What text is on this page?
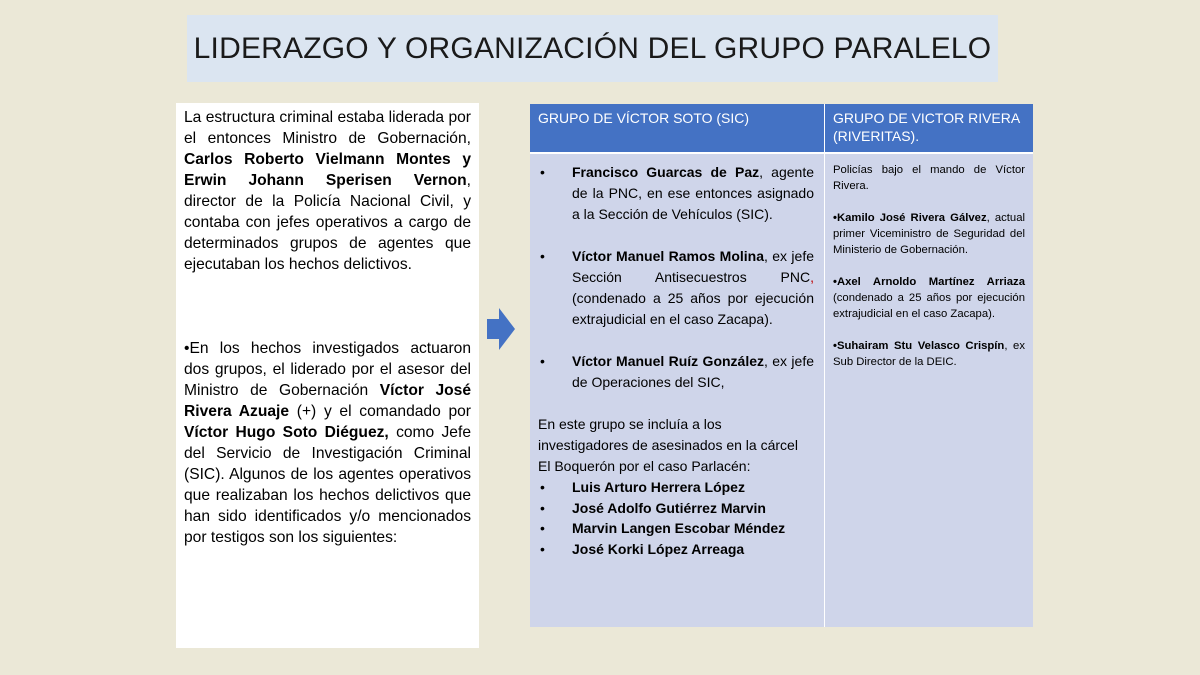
LIDERAZGO Y ORGANIZACIÓN DEL GRUPO PARALELO

La estructura criminal estaba liderada por el entonces Ministro de Gobernación, Carlos Roberto Vielmann Montes y Erwin Johann Sperisen Vernon, director de la Policía Nacional Civil, y contaba con jefes operativos a cargo de determinados grupos de agentes que ejecutaban los hechos delictivos.

•En los hechos investigados actuaron dos grupos, el liderado por el asesor del Ministro de Gobernación Víctor José Rivera Azuaje (+) y el comandado por Víctor Hugo Soto Diéguez, como Jefe del Servicio de Investigación Criminal (SIC). Algunos de los agentes operativos que realizaban los hechos delictivos que han sido identificados y/o mencionados por testigos son los siguientes:

GRUPO DE VÍCTOR SOTO (SIC)	GRUPO DE VICTOR RIVERA (RIVERITAS).
• Francisco Guarcas de Paz, agente de la PNC, en ese entonces asignado a la Sección de Vehículos (SIC).
• Víctor Manuel Ramos Molina, ex jefe Sección Antisecuestros PNC, (condenado a 25 años por ejecución extrajudicial en el caso Zacapa).
• Víctor Manuel Ruíz González, ex jefe de Operaciones del SIC,

En este grupo se incluía a los investigadores de asesinados en la cárcel El Boquerón por el caso Parlacén:

• Luis Arturo Herrera López
• José Adolfo Gutiérrez Marvin
• Marvin Langen Escobar Méndez
• José Korki López Arreaga

Policías bajo el mando de Víctor Rivera.

•Kamilo José Rivera Gálvez, actual primer Viceministro de Seguridad del Ministerio de Gobernación.

•Axel Arnoldo Martínez Arriaza (condenado a 25 años por ejecución extrajudicial en el caso Zacapa).

•Suhairam Stu Velasco Crispín, ex Sub Director de la DEIC.
